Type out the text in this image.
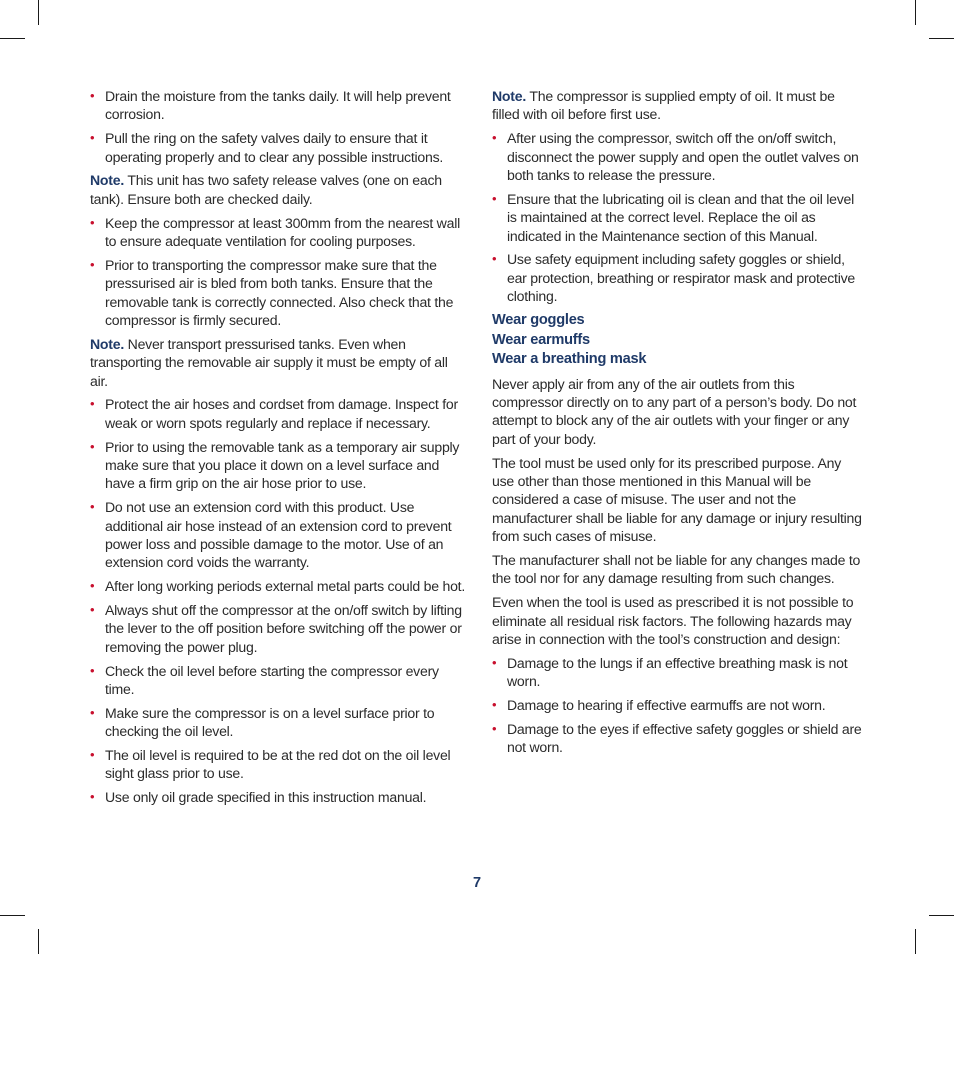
• Drain the moisture from the tanks daily. It will help prevent corrosion.
• Pull the ring on the safety valves daily to ensure that it operating properly and to clear any possible instructions.

Note. This unit has two safety release valves (one on each tank). Ensure both are checked daily.

• Keep the compressor at least 300mm from the nearest wall to ensure adequate ventilation for cooling purposes.
• Prior to transporting the compressor make sure that the pressurised air is bled from both tanks. Ensure that the removable tank is correctly connected. Also check that the compressor is firmly secured.

Note. Never transport pressurised tanks. Even when transporting the removable air supply it must be empty of all air.

• Protect the air hoses and cordset from damage. Inspect for weak or worn spots regularly and replace if necessary.
• Prior to using the removable tank as a temporary air supply make sure that you place it down on a level surface and have a firm grip on the air hose prior to use.
• Do not use an extension cord with this product. Use additional air hose instead of an extension cord to prevent power loss and possible damage to the motor. Use of an extension cord voids the warranty.
• After long working periods external metal parts could be hot.
• Always shut off the compressor at the on/off switch by lifting the lever to the off position before switching off the power or removing the power plug.
• Check the oil level before starting the compressor every time.
• Make sure the compressor is on a level surface prior to checking the oil level.
• The oil level is required to be at the red dot on the oil level sight glass prior to use.
• Use only oil grade specified in this instruction manual.

Note. The compressor is supplied empty of oil. It must be filled with oil before first use.

• After using the compressor, switch off the on/off switch, disconnect the power supply and open the outlet valves on both tanks to release the pressure.
• Ensure that the lubricating oil is clean and that the oil level is maintained at the correct level. Replace the oil as indicated in the Maintenance section of this Manual.
• Use safety equipment including safety goggles or shield, ear protection, breathing or respirator mask and protective clothing.
Wear goggles
Wear earmuffs
Wear a breathing mask

Never apply air from any of the air outlets from this compressor directly on to any part of a person’s body. Do not attempt to block any of the air outlets with your finger or any part of your body.

The tool must be used only for its prescribed purpose. Any use other than those mentioned in this Manual will be considered a case of misuse. The user and not the manufacturer shall be liable for any damage or injury resulting from such cases of misuse.

The manufacturer shall not be liable for any changes made to the tool nor for any damage resulting from such changes.

Even when the tool is used as prescribed it is not possible to eliminate all residual risk factors. The following hazards may arise in connection with the tool’s construction and design:

• Damage to the lungs if an effective breathing mask is not worn.
• Damage to hearing if effective earmuffs are not worn.
• Damage to the eyes if effective safety goggles or shield are not worn.
7
